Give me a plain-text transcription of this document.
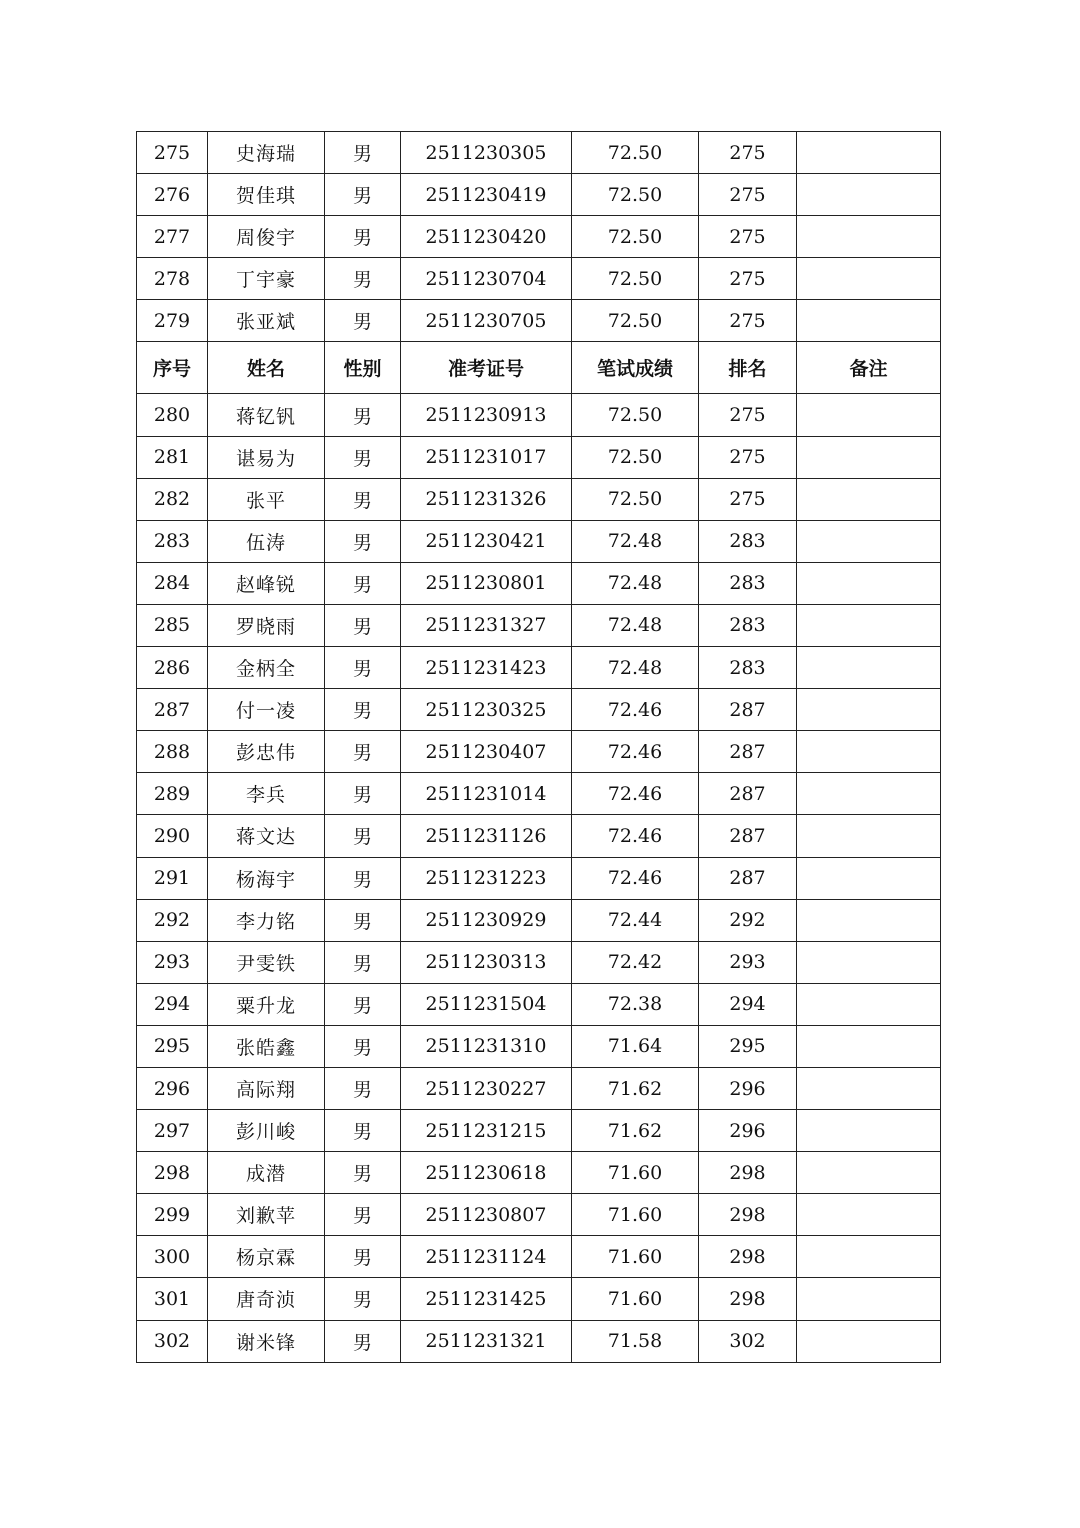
275	史海瑞	男	2511230305	72.50	275	
276	贺佳琪	男	2511230419	72.50	275	
277	周俊宇	男	2511230420	72.50	275	
278	丁宇豪	男	2511230704	72.50	275	
279	张亚斌	男	2511230705	72.50	275	
序号	姓名	性别	准考证号	笔试成绩	排名	备注
280	蒋钇钒	男	2511230913	72.50	275	
281	谌易为	男	2511231017	72.50	275	
282	张平	男	2511231326	72.50	275	
283	伍涛	男	2511230421	72.48	283	
284	赵峰锐	男	2511230801	72.48	283	
285	罗晓雨	男	2511231327	72.48	283	
286	金柄全	男	2511231423	72.48	283	
287	付一凌	男	2511230325	72.46	287	
288	彭忠伟	男	2511230407	72.46	287	
289	李兵	男	2511231014	72.46	287	
290	蒋文达	男	2511231126	72.46	287	
291	杨海宇	男	2511231223	72.46	287	
292	李力铭	男	2511230929	72.44	292	
293	尹雯铁	男	2511230313	72.42	293	
294	粟升龙	男	2511231504	72.38	294	
295	张皓鑫	男	2511231310	71.64	295	
296	高际翔	男	2511230227	71.62	296	
297	彭川峻	男	2511231215	71.62	296	
298	成潜	男	2511230618	71.60	298	
299	刘歉苹	男	2511230807	71.60	298	
300	杨京霖	男	2511231124	71.60	298	
301	唐奇浈	男	2511231425	71.60	298	
302	谢米锋	男	2511231321	71.58	302	
